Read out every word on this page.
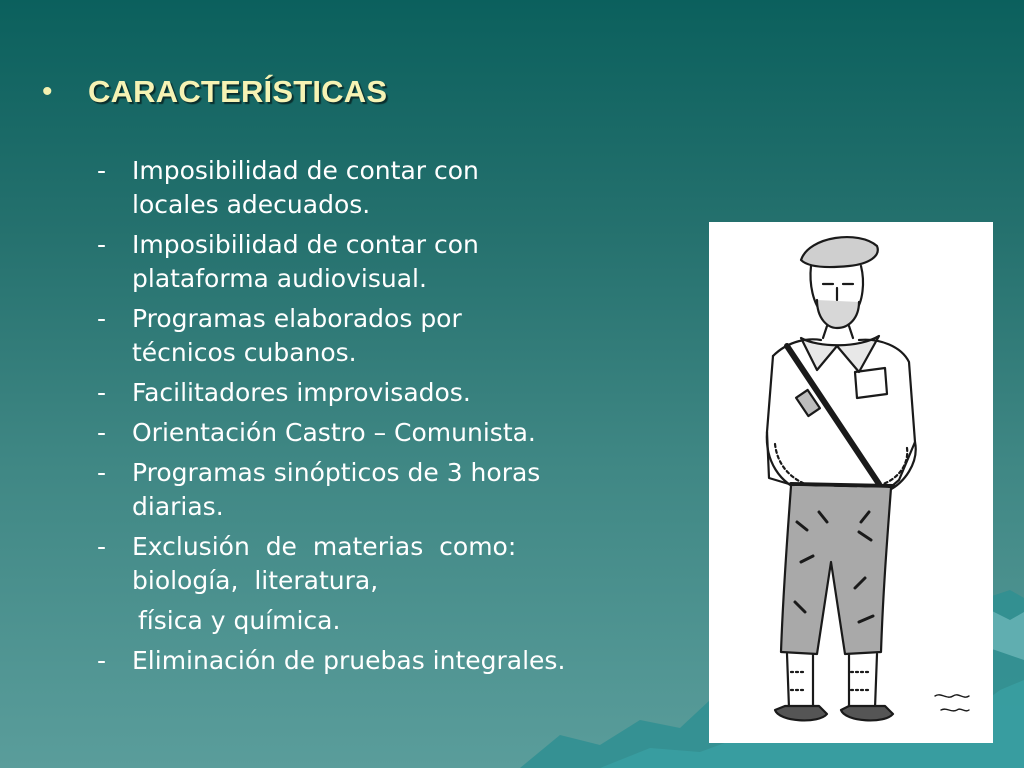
•	CARACTERÍSTICAS
- Imposibilidad de contar con
locales adecuados.
- Imposibilidad de contar con
plataforma audiovisual.
- Programas elaborados por
técnicos cubanos.
- Facilitadores improvisados.
- Orientación Castro – Comunista.
- Programas sinópticos de 3 horas
diarias.
- Exclusión  de  materias  como:
biología,  literatura,
física y química.
- Eliminación de pruebas integrales.
